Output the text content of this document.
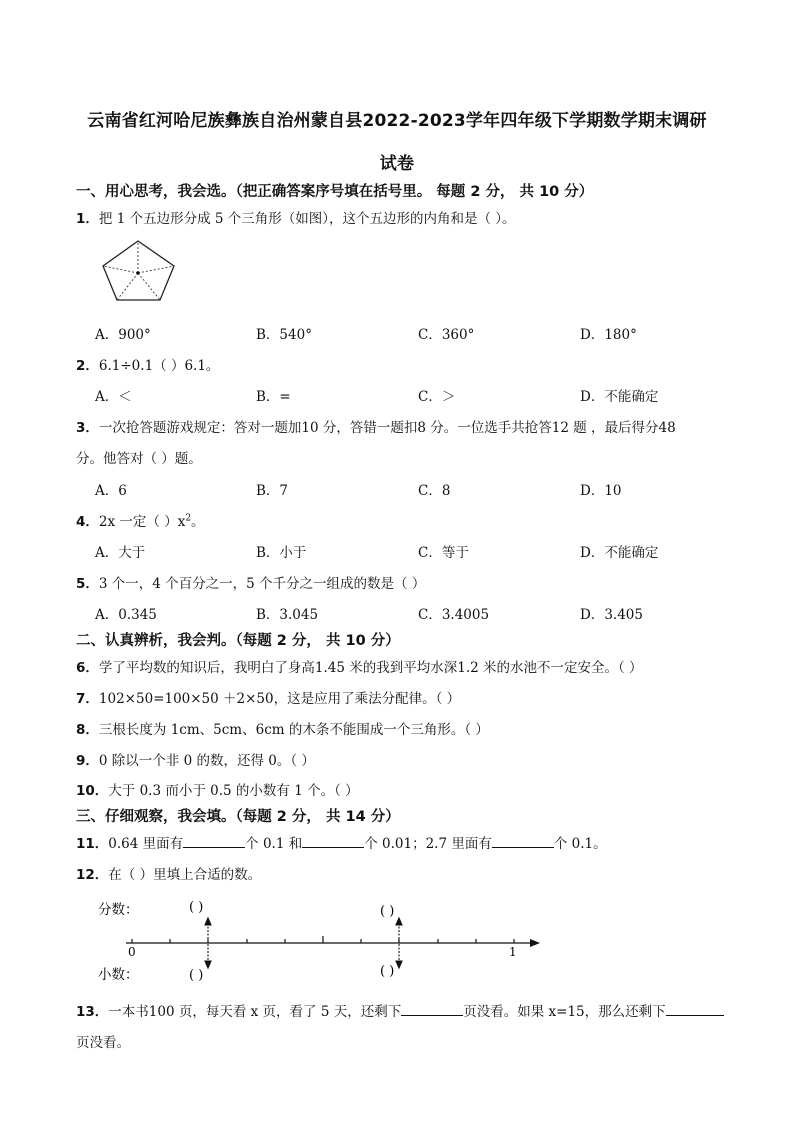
云南省红河哈尼族彝族自治州蒙自县2022-2023学年四年级下学期数学期末调研
试卷
一、用心思考，我会选。（把正确答案序号填在括号里。 每题 2 分， 共 10 分）
1．把 1 个五边形分成 5 个三角形（如图），这个五边形的内角和是（ ）。
A．900°	B．540°	C．360°	D．180°
2．6.1÷0.1（ ）6.1。
A．＜	B．=	C．＞	D．不能确定
3．一次抢答题游戏规定：答对一题加10 分，答错一题扣8 分。一位选手共抢答12 题 ，最后得分48
分。他答对（ ）题。
A．6	B．7	C．8	D．10
4．2x 一定（ ）$x^2$。
A．大于	B．小于	C．等于	D．不能确定
5．3 个一，4 个百分之一，5 个千分之一组成的数是（ ）
A．0.345	B．3.045	C．3.4005	D．3.405
二、认真辨析，我会判。（每题 2 分， 共 10 分）
6．学了平均数的知识后，我明白了身高1.45 米的我到平均水深1.2 米的水池不一定安全。（ ）
7．102×50=100×50 ＋2×50，这是应用了乘法分配律。（ ）
8．三根长度为 1cm、5cm、6cm 的木条不能围成一个三角形。（ ）
9．0 除以一个非 0 的数，还得 0。（ ）
10．大于 0.3 而小于 0.5 的小数有 1 个。（ ）
三、仔细观察，我会填。（每题 2 分， 共 14 分）
11．0.64 里面有	个 0.1 和	个 0.01；2.7 里面有	个 0.1。
12．在（ ）里填上合适的数。
分数：
小数：
( )	( )
( )	( )
0	1
13．一本书100 页，每天看 x 页，看了 5 天，还剩下	页没看。如果 x=15，那么还剩下
页没看。
